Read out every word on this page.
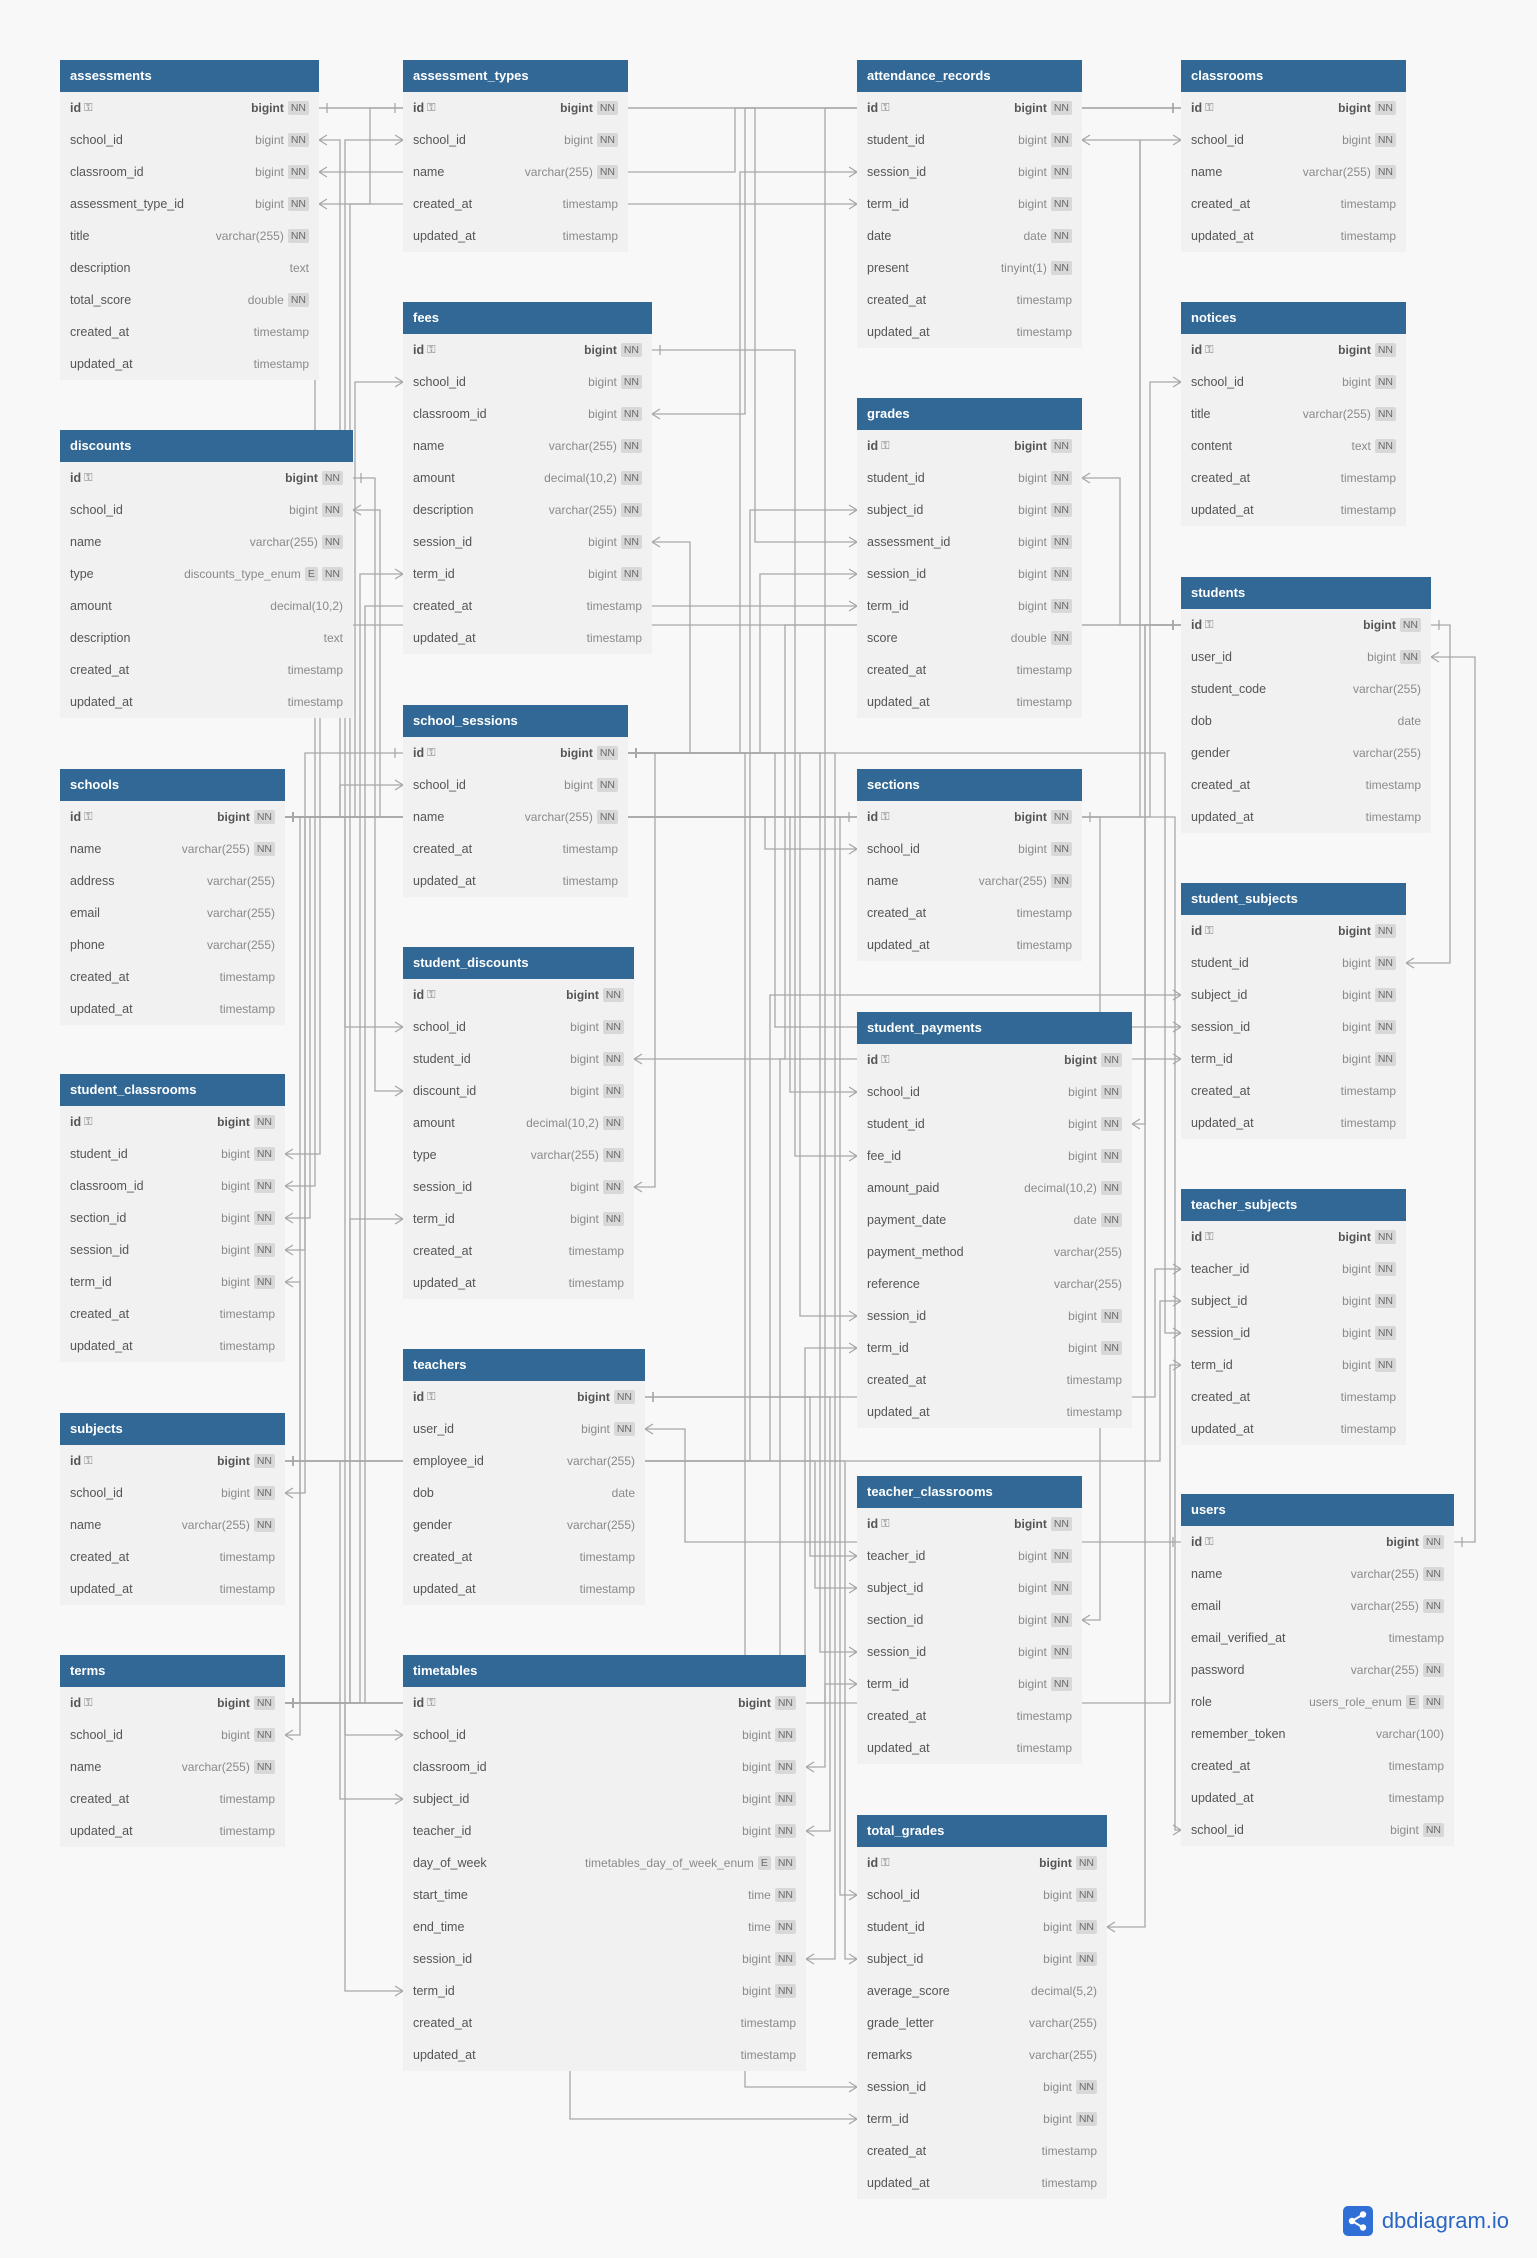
assessments
id ⚿	bigint NN
school_id	bigint NN
classroom_id	bigint NN
assessment_type_id	bigint NN
title	varchar(255) NN
description	text
total_score	double NN
created_at	timestamp
updated_at	timestamp
assessment_types
id ⚿	bigint NN
school_id	bigint NN
name	varchar(255) NN
created_at	timestamp
updated_at	timestamp
attendance_records
id ⚿	bigint NN
student_id	bigint NN
session_id	bigint NN
term_id	bigint NN
date	date NN
present	tinyint(1) NN
created_at	timestamp
updated_at	timestamp
classrooms
id ⚿	bigint NN
school_id	bigint NN
name	varchar(255) NN
created_at	timestamp
updated_at	timestamp
fees
id ⚿	bigint NN
school_id	bigint NN
classroom_id	bigint NN
name	varchar(255) NN
amount	decimal(10,2) NN
description	varchar(255) NN
session_id	bigint NN
term_id	bigint NN
created_at	timestamp
updated_at	timestamp
notices
id ⚿	bigint NN
school_id	bigint NN
title	varchar(255) NN
content	text NN
created_at	timestamp
updated_at	timestamp
grades
id ⚿	bigint NN
student_id	bigint NN
subject_id	bigint NN
assessment_id	bigint NN
session_id	bigint NN
term_id	bigint NN
score	double NN
created_at	timestamp
updated_at	timestamp
discounts
id ⚿	bigint NN
school_id	bigint NN
name	varchar(255) NN
type	discounts_type_enum E NN
amount	decimal(10,2)
description	text
created_at	timestamp
updated_at	timestamp
students
id ⚿	bigint NN
user_id	bigint NN
student_code	varchar(255)
dob	date
gender	varchar(255)
created_at	timestamp
updated_at	timestamp
school_sessions
id ⚿	bigint NN
school_id	bigint NN
name	varchar(255) NN
created_at	timestamp
updated_at	timestamp
schools
id ⚿	bigint NN
name	varchar(255) NN
address	varchar(255)
email	varchar(255)
phone	varchar(255)
created_at	timestamp
updated_at	timestamp
sections
id ⚿	bigint NN
school_id	bigint NN
name	varchar(255) NN
created_at	timestamp
updated_at	timestamp
student_subjects
id ⚿	bigint NN
student_id	bigint NN
subject_id	bigint NN
session_id	bigint NN
term_id	bigint NN
created_at	timestamp
updated_at	timestamp
student_discounts
id ⚿	bigint NN
school_id	bigint NN
student_id	bigint NN
discount_id	bigint NN
amount	decimal(10,2) NN
type	varchar(255) NN
session_id	bigint NN
term_id	bigint NN
created_at	timestamp
updated_at	timestamp
student_payments
id ⚿	bigint NN
school_id	bigint NN
student_id	bigint NN
fee_id	bigint NN
amount_paid	decimal(10,2) NN
payment_date	date NN
payment_method	varchar(255)
reference	varchar(255)
session_id	bigint NN
term_id	bigint NN
created_at	timestamp
updated_at	timestamp
student_classrooms
id ⚿	bigint NN
student_id	bigint NN
classroom_id	bigint NN
section_id	bigint NN
session_id	bigint NN
term_id	bigint NN
created_at	timestamp
updated_at	timestamp
teacher_subjects
id ⚿	bigint NN
teacher_id	bigint NN
subject_id	bigint NN
session_id	bigint NN
term_id	bigint NN
created_at	timestamp
updated_at	timestamp
teachers
id ⚿	bigint NN
user_id	bigint NN
employee_id	varchar(255)
dob	date
gender	varchar(255)
created_at	timestamp
updated_at	timestamp
subjects
id ⚿	bigint NN
school_id	bigint NN
name	varchar(255) NN
created_at	timestamp
updated_at	timestamp
teacher_classrooms
id ⚿	bigint NN
teacher_id	bigint NN
subject_id	bigint NN
section_id	bigint NN
session_id	bigint NN
term_id	bigint NN
created_at	timestamp
updated_at	timestamp
users
id ⚿	bigint NN
name	varchar(255) NN
email	varchar(255) NN
email_verified_at	timestamp
password	varchar(255) NN
role	users_role_enum E NN
remember_token	varchar(100)
created_at	timestamp
updated_at	timestamp
school_id	bigint NN
terms
id ⚿	bigint NN
school_id	bigint NN
name	varchar(255) NN
created_at	timestamp
updated_at	timestamp
timetables
id ⚿	bigint NN
school_id	bigint NN
classroom_id	bigint NN
subject_id	bigint NN
teacher_id	bigint NN
day_of_week	timetables_day_of_week_enum E NN
start_time	time NN
end_time	time NN
session_id	bigint NN
term_id	bigint NN
created_at	timestamp
updated_at	timestamp
total_grades
id ⚿	bigint NN
school_id	bigint NN
student_id	bigint NN
subject_id	bigint NN
average_score	decimal(5,2)
grade_letter	varchar(255)
remarks	varchar(255)
session_id	bigint NN
term_id	bigint NN
created_at	timestamp
updated_at	timestamp
dbdiagram.io
